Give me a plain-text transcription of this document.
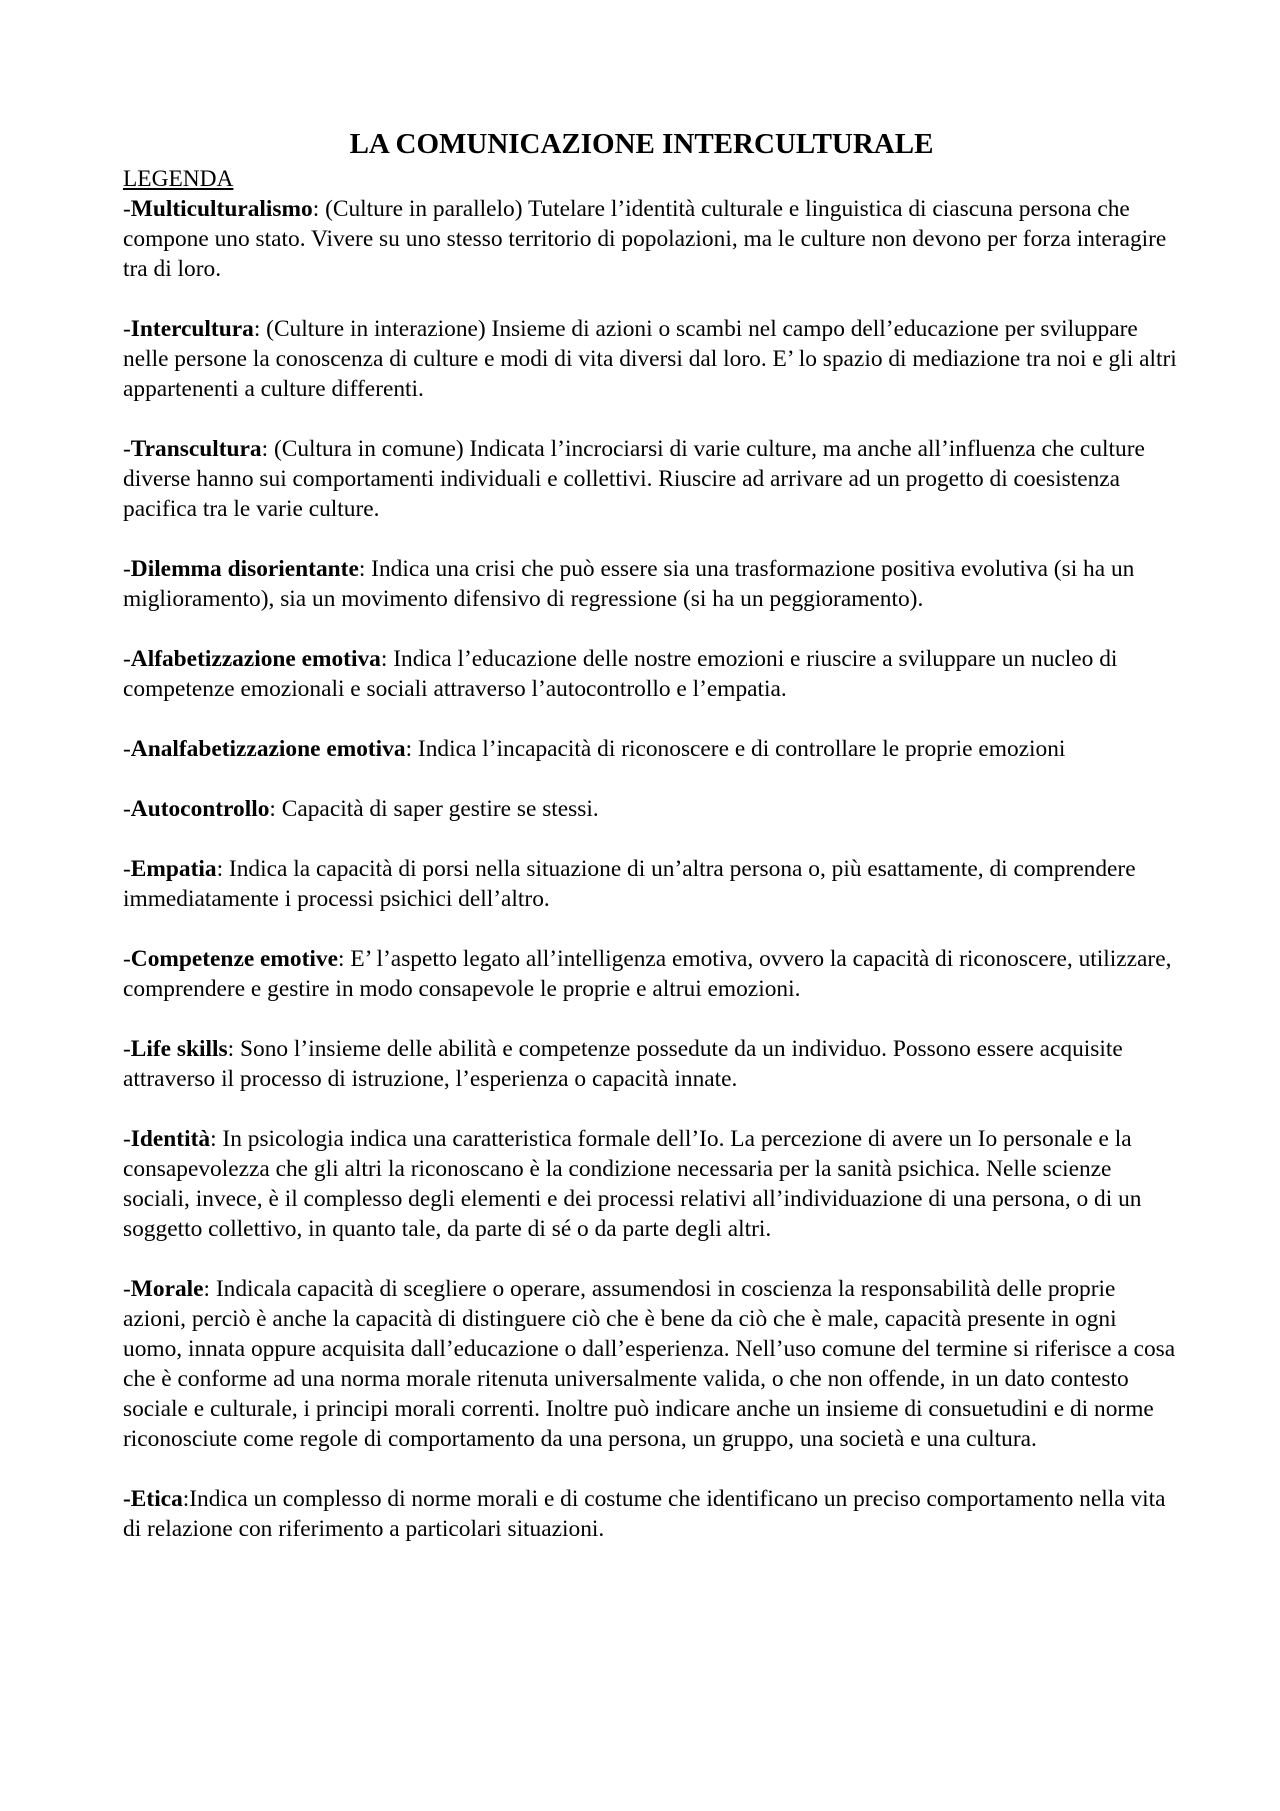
LA COMUNICAZIONE INTERCULTURALE
LEGENDA

-Multiculturalismo: (Culture in parallelo) Tutelare l’identità culturale e linguistica di ciascuna persona che compone uno stato. Vivere su uno stesso territorio di popolazioni, ma le culture non devono per forza interagire tra di loro.

-Intercultura: (Culture in interazione) Insieme di azioni o scambi nel campo dell’educazione per sviluppare nelle persone la conoscenza di culture e modi di vita diversi dal loro. E’ lo spazio di mediazione tra noi e gli altri appartenenti a culture differenti.

-Transcultura: (Cultura in comune) Indicata l’incrociarsi di varie culture, ma anche all’influenza che culture diverse hanno sui comportamenti individuali e collettivi. Riuscire ad arrivare ad un progetto di coesistenza pacifica tra le varie culture.

-Dilemma disorientante: Indica una crisi che può essere sia una trasformazione positiva evolutiva (si ha un miglioramento), sia un movimento difensivo di regressione (si ha un peggioramento).

-Alfabetizzazione emotiva: Indica l’educazione delle nostre emozioni e riuscire a sviluppare un nucleo di competenze emozionali e sociali attraverso l’autocontrollo e l’empatia.

-Analfabetizzazione emotiva: Indica l’incapacità di riconoscere e di controllare le proprie emozioni

-Autocontrollo: Capacità di saper gestire se stessi.

-Empatia: Indica la capacità di porsi nella situazione di un’altra persona o, più esattamente, di comprendere immediatamente i processi psichici dell’altro.

-Competenze emotive: E’ l’aspetto legato all’intelligenza emotiva, ovvero la capacità di riconoscere, utilizzare, comprendere e gestire in modo consapevole le proprie e altrui emozioni.

-Life skills: Sono l’insieme delle abilità e competenze possedute da un individuo. Possono essere acquisite attraverso il processo di istruzione, l’esperienza o capacità innate.

-Identità: In psicologia indica una caratteristica formale dell’Io. La percezione di avere un Io personale e la consapevolezza che gli altri la riconoscano è la condizione necessaria per la sanità psichica. Nelle scienze sociali, invece, è il complesso degli elementi e dei processi relativi all’individuazione di una persona, o di un soggetto collettivo, in quanto tale, da parte di sé o da parte degli altri.

-Morale: Indicala capacità di scegliere o operare, assumendosi in coscienza la responsabilità delle proprie azioni, perciò è anche la capacità di distinguere ciò che è bene da ciò che è male, capacità presente in ogni uomo, innata oppure acquisita dall’educazione o dall’esperienza. Nell’uso comune del termine si riferisce a cosa che è conforme ad una norma morale ritenuta universalmente valida, o che non offende, in un dato contesto sociale e culturale, i principi morali correnti. Inoltre può indicare anche un insieme di consuetudini e di norme riconosciute come regole di comportamento da una persona, un gruppo, una società e una cultura.

-Etica:Indica un complesso di norme morali e di costume che identificano un preciso comportamento nella vita di relazione con riferimento a particolari situazioni.
